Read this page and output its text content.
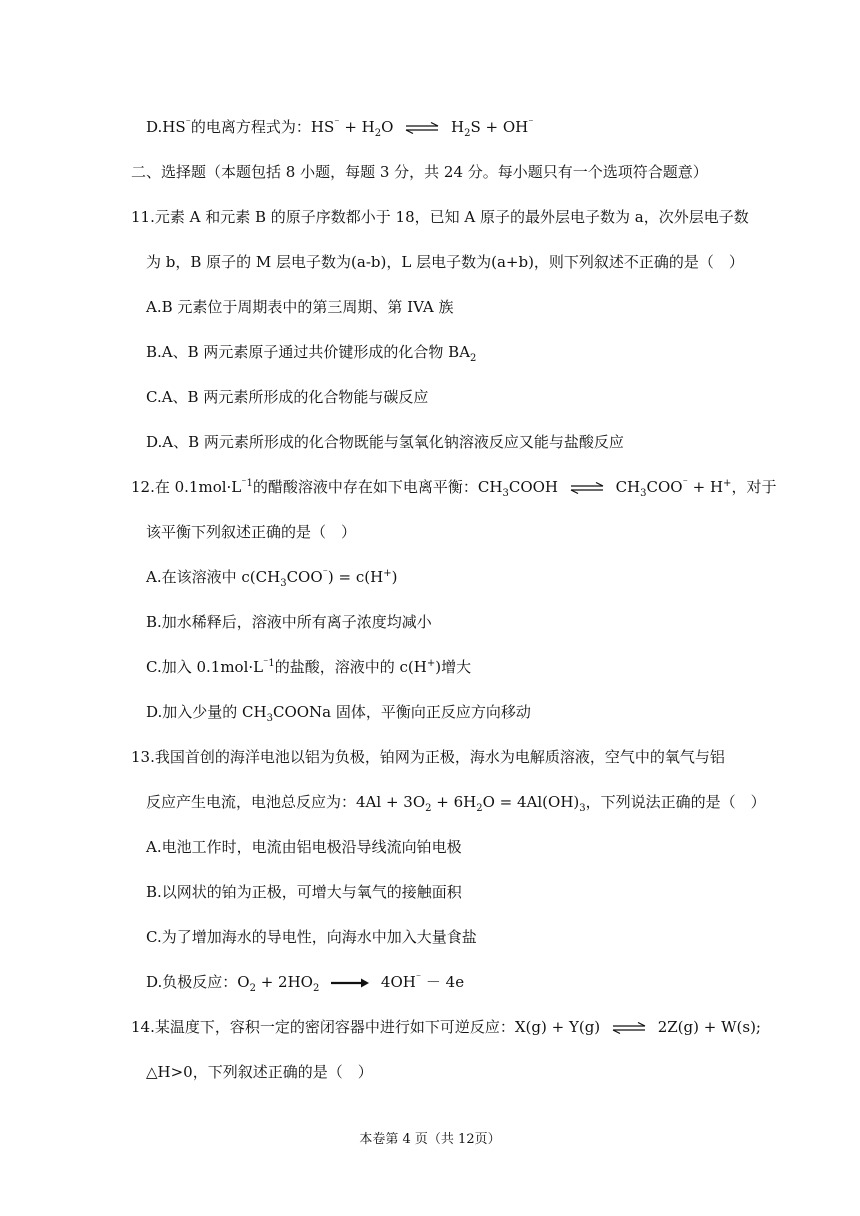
D.HS⁻的电离方程式为：$HS^{^-} + H_2O$ ⇌ $H_2S + OH^{^-}$
二、选择题（本题包括 8 小题，每题 3 分，共 24 分。每小题只有一个选项符合题意）
11.元素 A 和元素 B 的原子序数都小于 18，已知 A 原子的最外层电子数为 a，次外层电子数
为 b，B 原子的 M 层电子数为(a-b)，L 层电子数为(a+b)，则下列叙述不正确的是（　）
A.B 元素位于周期表中的第三周期、第 IVA 族
B.A、B 两元素原子通过共价键形成的化合物 $BA_2$
C.A、B 两元素所形成的化合物能与碳反应
D.A、B 两元素所形成的化合物既能与氢氧化钠溶液反应又能与盐酸反应
12.在 $0.1mol\cdot L^{^-1}$的醋酸溶液中存在如下电离平衡：$CH_3COOH$ ⇌ $CH_3COO^{^-} + H^+$，对于
该平衡下列叙述正确的是（　）
A.在该溶液中 $c(CH_3COO^{^-}) = c(H^+)$
B.加水稀释后，溶液中所有离子浓度均减小
C.加入 $0.1mol\cdot L^{^-1}$的盐酸，溶液中的 c(H+)增大
D.加入少量的 $CH_3COONa$ 固体，平衡向正反应方向移动
13.我国首创的海洋电池以铝为负极，铂网为正极，海水为电解质溶液，空气中的氧气与铝
反应产生电流，电池总反应为：$4Al + 3O_2 + 6H_2O = 4Al(OH)_3$，下列说法正确的是（　）
A.电池工作时，电流由铝电极沿导线流向铂电极
B.以网状的铂为正极，可增大与氧气的接触面积
C.为了增加海水的导电性，向海水中加入大量食盐
D.负极反应：$O_2 + 2HO_2 \to 4OH^{^-} - 4e$
14.某温度下，容积一定的密闭容器中进行如下可逆反应：X(g) + Y(g) ⇌ 2Z(g) + W(s);
△H>0，下列叙述正确的是（　）
本卷第 4 页（共 12页）
